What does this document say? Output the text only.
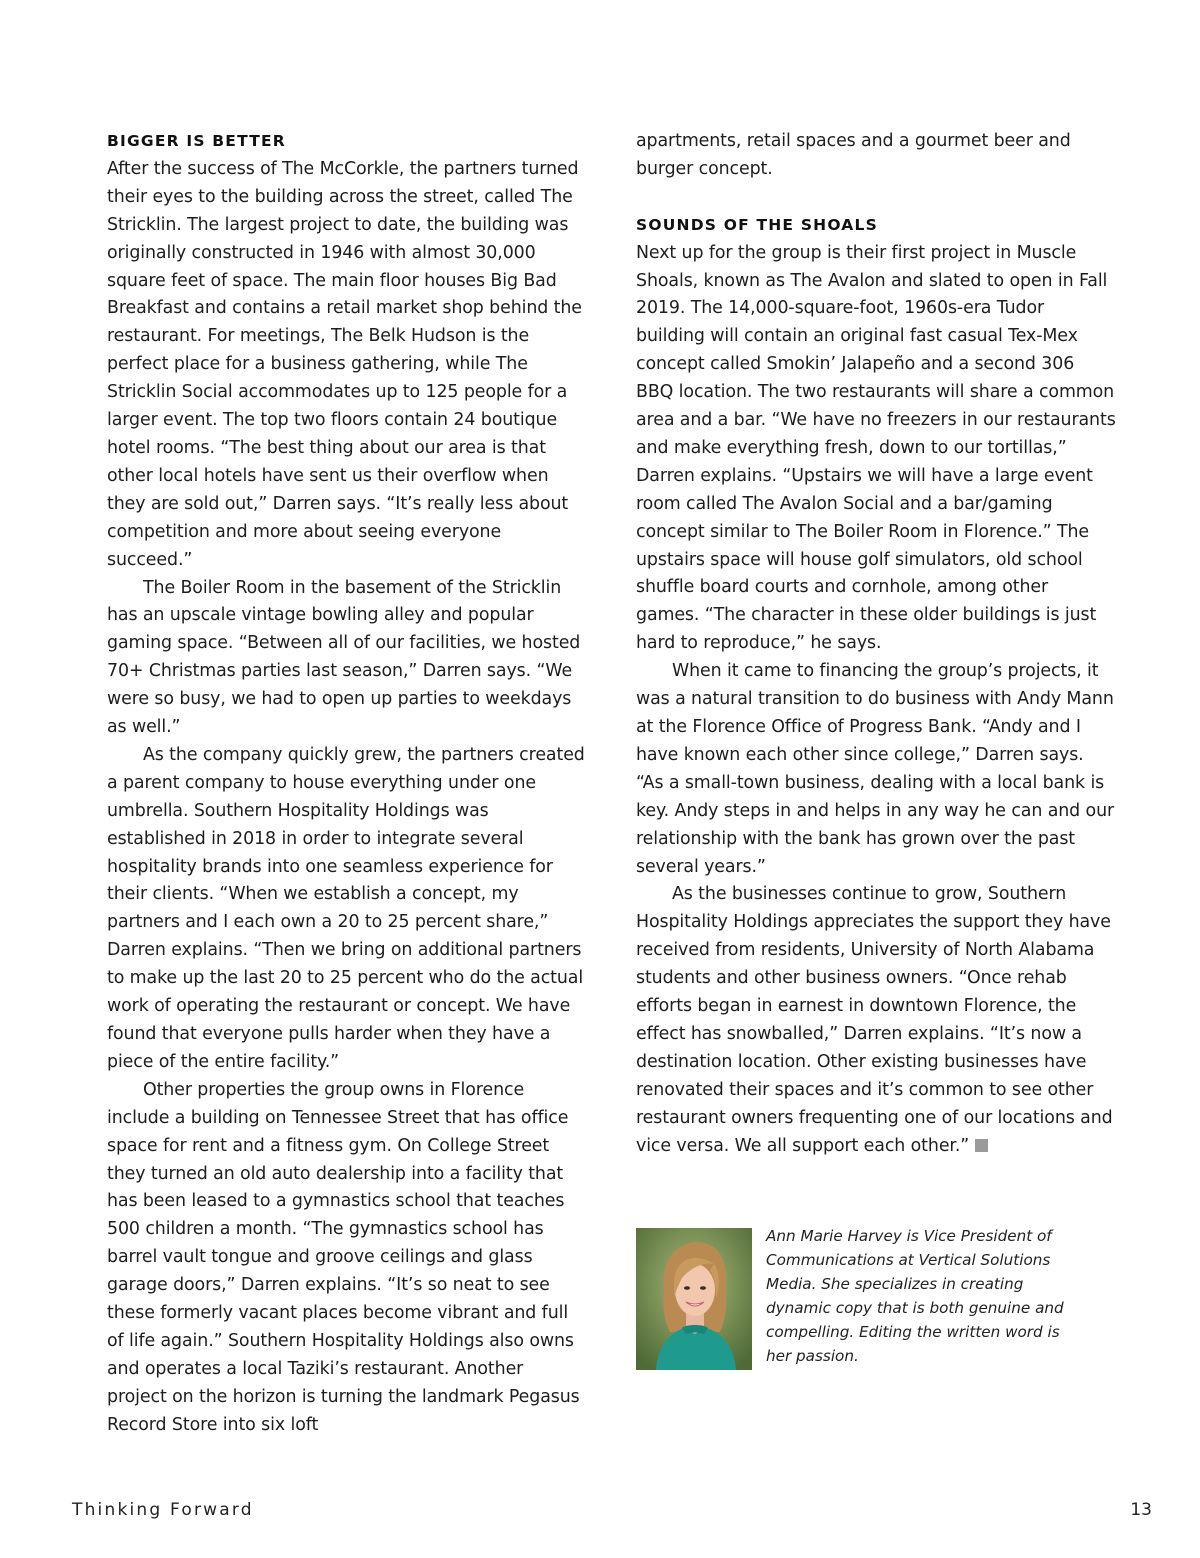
BIGGER IS BETTER

After the success of The McCorkle, the partners turned their eyes to the building across the street, called The Stricklin. The largest project to date, the building was originally constructed in 1946 with almost 30,000 square feet of space. The main floor houses Big Bad Breakfast and contains a retail market shop behind the restaurant. For meetings, The Belk Hudson is the perfect place for a business gathering, while The Stricklin Social accommodates up to 125 people for a larger event. The top two floors contain 24 boutique hotel rooms. “The best thing about our area is that other local hotels have sent us their overflow when they are sold out,” Darren says. “It’s really less about competition and more about seeing everyone succeed.”

The Boiler Room in the basement of the Stricklin has an upscale vintage bowling alley and popular gaming space. “Between all of our facilities, we hosted 70+ Christmas parties last season,” Darren says. “We were so busy, we had to open up parties to weekdays as well.”

As the company quickly grew, the partners created a parent company to house everything under one umbrella. Southern Hospitality Holdings was established in 2018 in order to integrate several hospitality brands into one seamless experience for their clients. “When we establish a concept, my partners and I each own a 20 to 25 percent share,” Darren explains. “Then we bring on additional partners to make up the last 20 to 25 percent who do the actual work of operating the restaurant or concept. We have found that everyone pulls harder when they have a piece of the entire facility.”

Other properties the group owns in Florence include a building on Tennessee Street that has office space for rent and a fitness gym. On College Street they turned an old auto dealership into a facility that has been leased to a gymnastics school that teaches 500 children a month. “The gymnastics school has barrel vault tongue and groove ceilings and glass garage doors,” Darren explains. “It’s so neat to see these formerly vacant places become vibrant and full of life again.” Southern Hospitality Holdings also owns and operates a local Taziki’s restaurant. Another project on the horizon is turning the landmark Pegasus Record Store into six loft

apartments, retail spaces and a gourmet beer and burger concept.

SOUNDS OF THE SHOALS

Next up for the group is their first project in Muscle Shoals, known as The Avalon and slated to open in Fall 2019. The 14,000-square-foot, 1960s-era Tudor building will contain an original fast casual Tex-Mex concept called Smokin’ Jalapeño and a second 306 BBQ location. The two restaurants will share a common area and a bar. “We have no freezers in our restaurants and make everything fresh, down to our tortillas,” Darren explains. “Upstairs we will have a large event room called The Avalon Social and a bar/gaming concept similar to The Boiler Room in Florence.” The upstairs space will house golf simulators, old school shuffle board courts and cornhole, among other games. “The character in these older buildings is just hard to reproduce,” he says.

When it came to financing the group’s projects, it was a natural transition to do business with Andy Mann at the Florence Office of Progress Bank. “Andy and I have known each other since college,” Darren says. “As a small-town business, dealing with a local bank is key. Andy steps in and helps in any way he can and our relationship with the bank has grown over the past several years.”

As the businesses continue to grow, Southern Hospitality Holdings appreciates the support they have received from residents, University of North Alabama students and other business owners. “Once rehab efforts began in earnest in downtown Florence, the effect has snowballed,” Darren explains. “It’s now a destination location. Other existing businesses have renovated their spaces and it’s common to see other restaurant owners frequenting one of our locations and vice versa. We all support each other.”

Ann Marie Harvey is Vice President of Communications at Vertical Solutions Media. She specializes in creating dynamic copy that is both genuine and compelling. Editing the written word is her passion.

Thinking Forward	13
